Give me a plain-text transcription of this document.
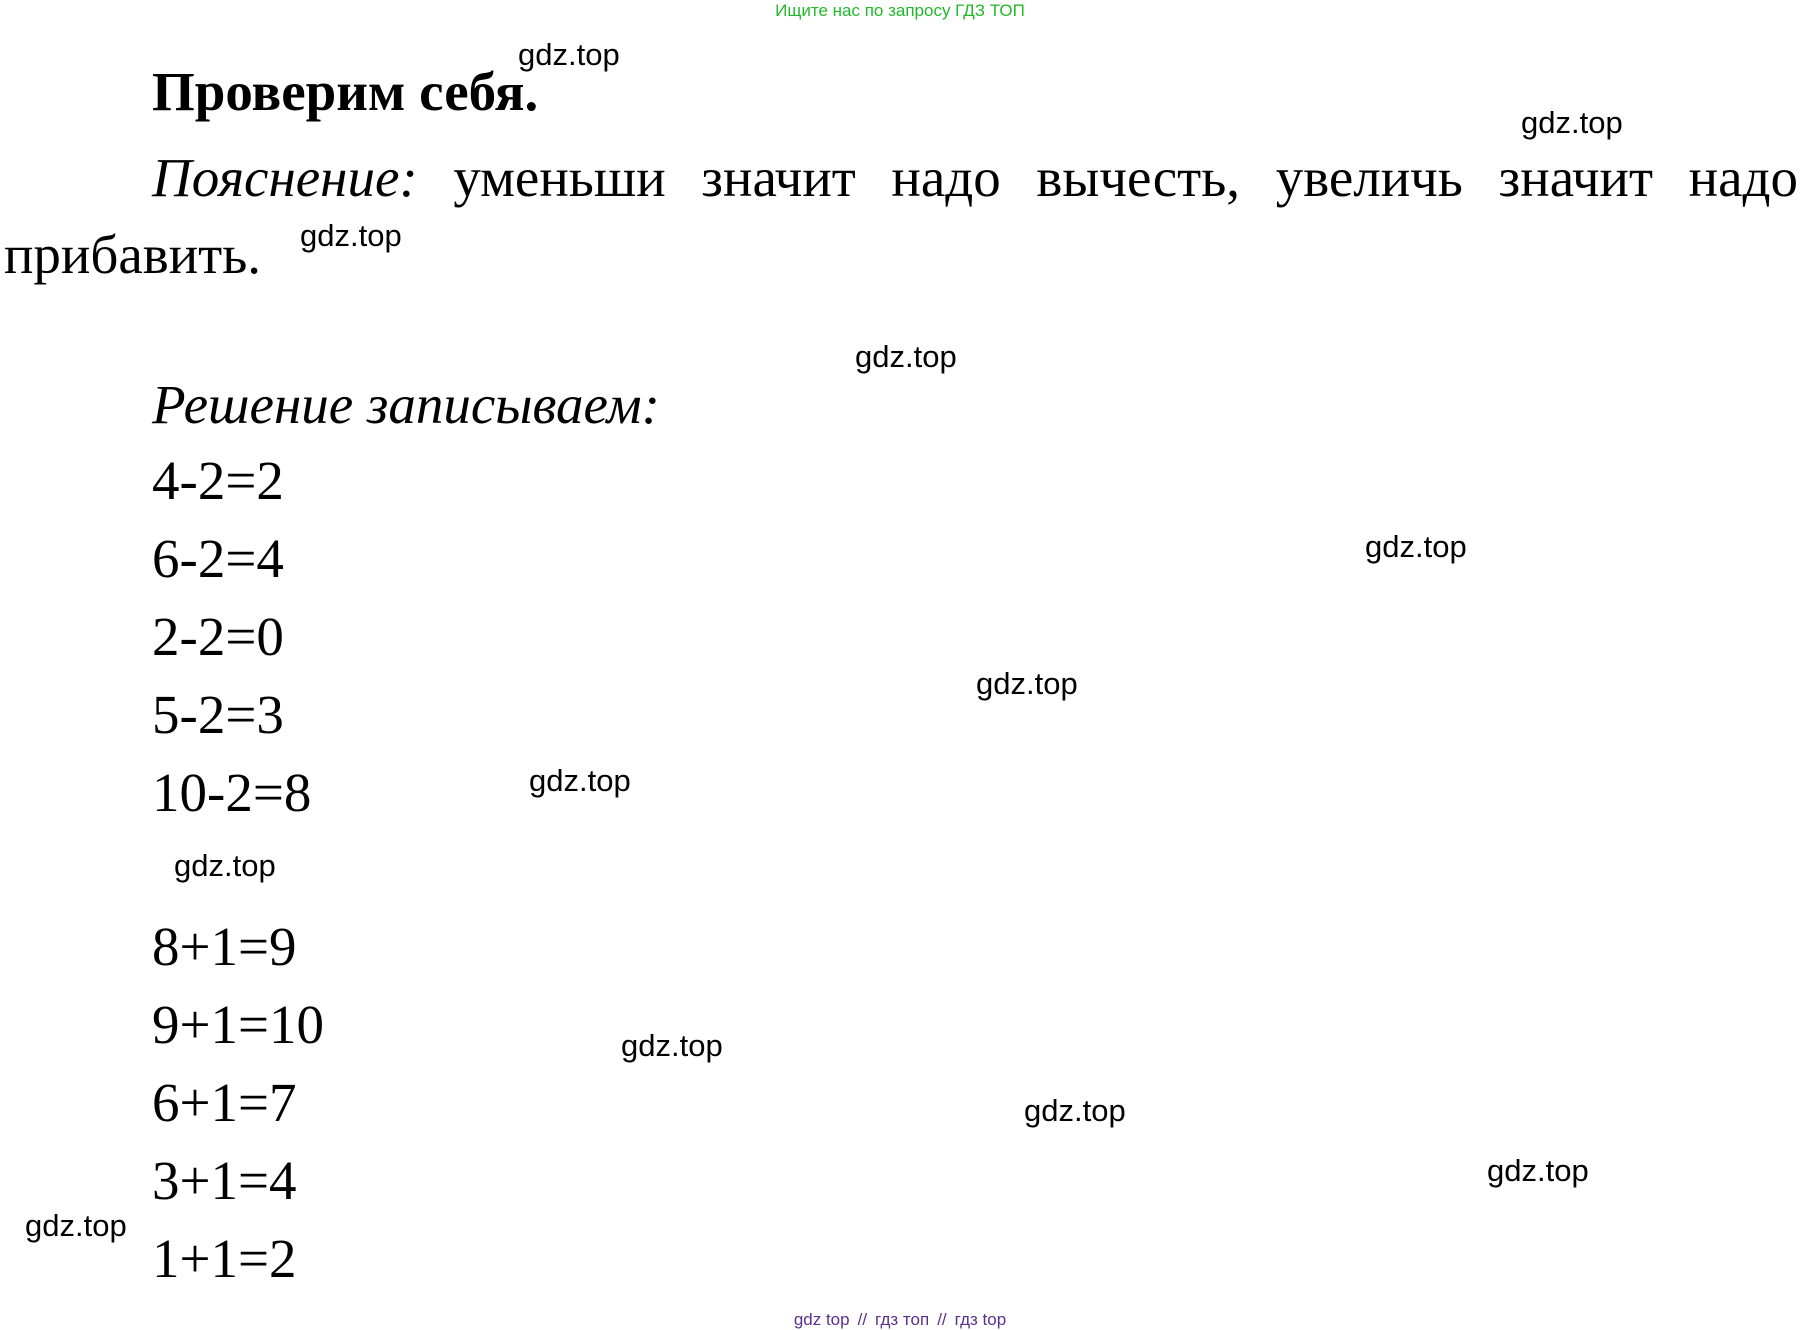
Ищите нас по запросу ГДЗ ТОП

Проверим себя.

Пояснение: уменьши значит надо вычесть, увеличь значит надо прибавить.

Решение записываем:

4-2=2
6-2=4
2-2=0
5-2=3
10-2=8
8+1=9
9+1=10
6+1=7
3+1=4
1+1=2
gdz.top
gdz.top
gdz.top
gdz.top
gdz.top
gdz.top
gdz.top
gdz.top
gdz.top
gdz.top
gdz.top
gdz.top

gdz top // гдз топ // гдз top
